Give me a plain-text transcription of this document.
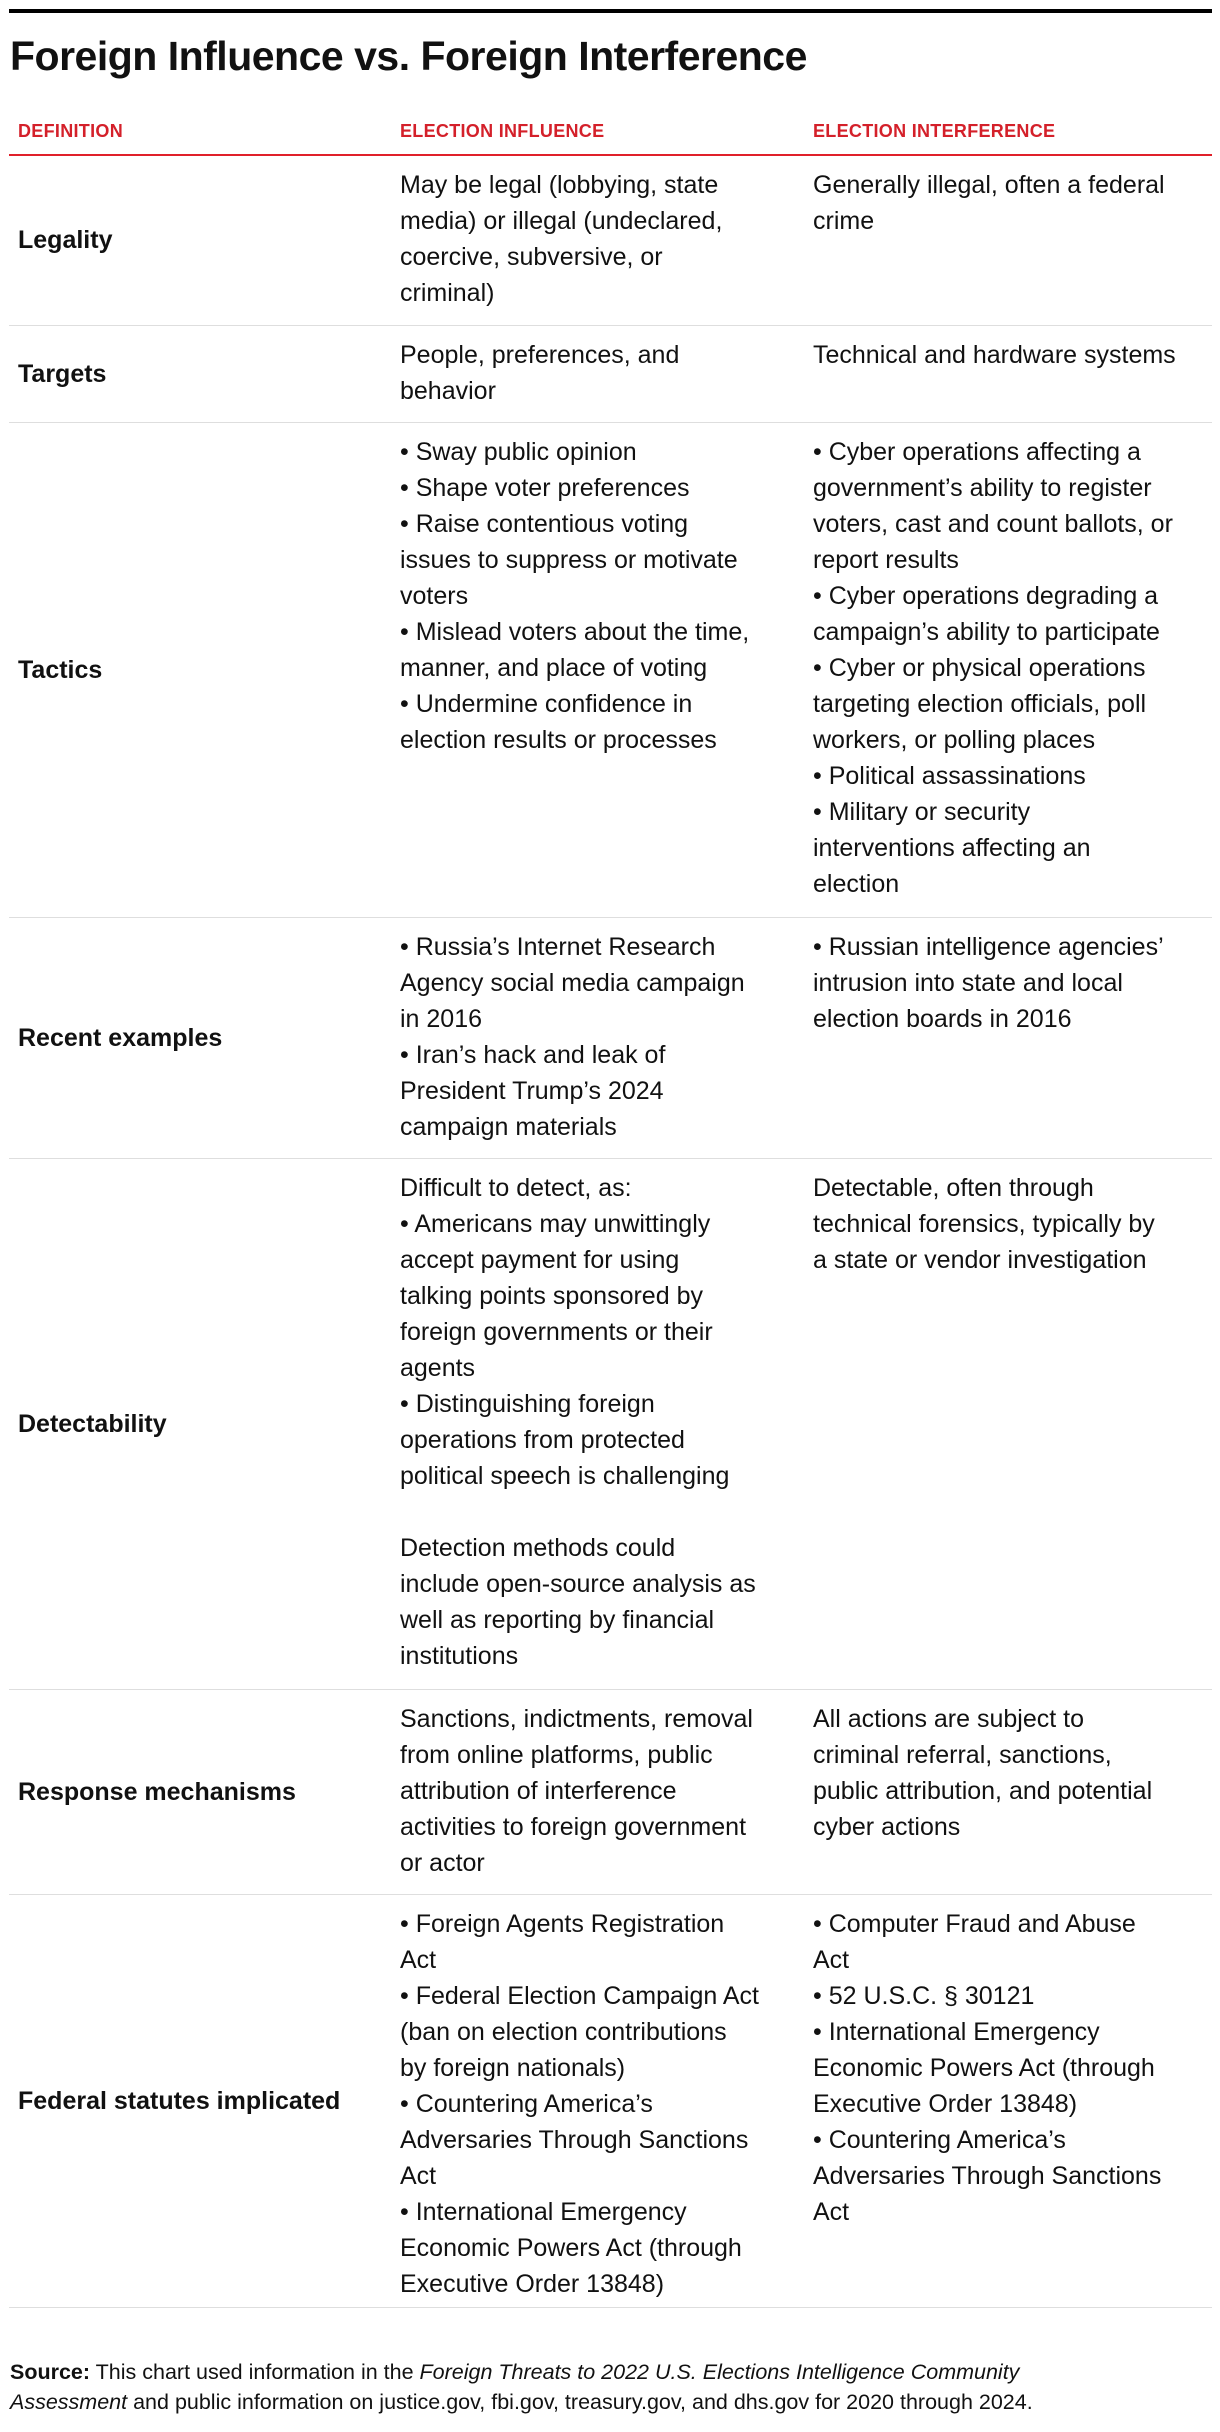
Foreign Influence vs. Foreign Interference
DEFINITION	ELECTION INFLUENCE	ELECTION INTERFERENCE
Legality
May be legal (lobbying, state
media) or illegal (undeclared,
coercive, subversive, or
criminal)
Generally illegal, often a federal
crime
Targets
People, preferences, and
behavior
Technical and hardware systems
Tactics
• Sway public opinion
• Shape voter preferences
• Raise contentious voting
issues to suppress or motivate
voters
• Mislead voters about the time,
manner, and place of voting
• Undermine confidence in
election results or processes
• Cyber operations affecting a
government’s ability to register
voters, cast and count ballots, or
report results
• Cyber operations degrading a
campaign’s ability to participate
• Cyber or physical operations
targeting election officials, poll
workers, or polling places
• Political assassinations
• Military or security
interventions affecting an
election
Recent examples
• Russia’s Internet Research
Agency social media campaign
in 2016
• Iran’s hack and leak of
President Trump’s 2024
campaign materials
• Russian intelligence agencies’
intrusion into state and local
election boards in 2016
Detectability
Difficult to detect, as:
• Americans may unwittingly
accept payment for using
talking points sponsored by
foreign governments or their
agents
• Distinguishing foreign
operations from protected
political speech is challenging
Detection methods could
include open-source analysis as
well as reporting by financial
institutions
Detectable, often through
technical forensics, typically by
a state or vendor investigation
Response mechanisms
Sanctions, indictments, removal
from online platforms, public
attribution of interference
activities to foreign government
or actor
All actions are subject to
criminal referral, sanctions,
public attribution, and potential
cyber actions
Federal statutes implicated
• Foreign Agents Registration
Act
• Federal Election Campaign Act
(ban on election contributions
by foreign nationals)
• Countering America’s
Adversaries Through Sanctions
Act
• International Emergency
Economic Powers Act (through
Executive Order 13848)
• Computer Fraud and Abuse
Act
• 52 U.S.C. § 30121
• International Emergency
Economic Powers Act (through
Executive Order 13848)
• Countering America’s
Adversaries Through Sanctions
Act
Source: This chart used information in the Foreign Threats to 2022 U.S. Elections Intelligence Community
Assessment and public information on justice.gov, fbi.gov, treasury.gov, and dhs.gov for 2020 through 2024.
